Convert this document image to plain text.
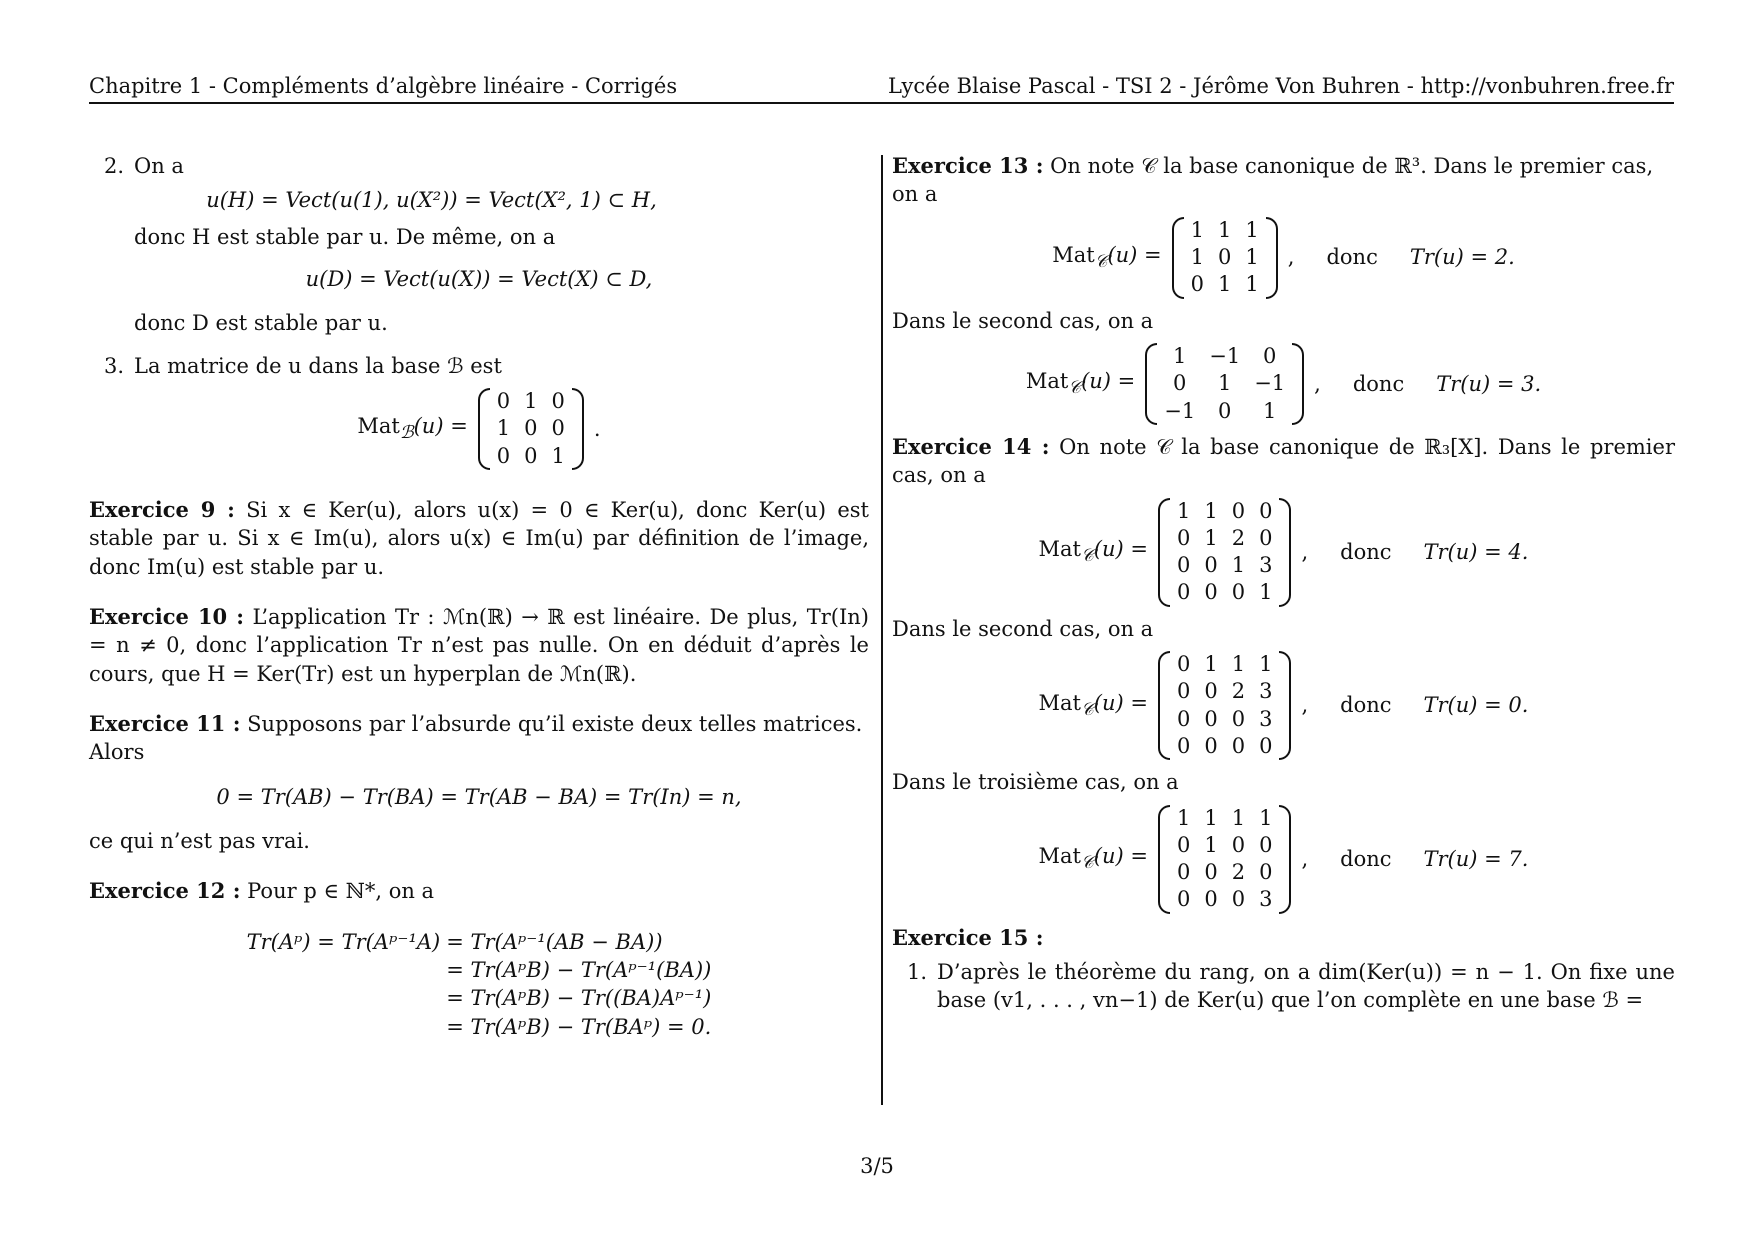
Chapitre 1 - Compléments d’algèbre linéaire - Corrigés	Lycée Blaise Pascal - TSI 2 - Jérôme Von Buhren - http://vonbuhren.free.fr
2. On a

u(H) = Vect(u(1), u(X²)) = Vect(X², 1) ⊂ H,

donc H est stable par u. De même, on a

u(D) = Vect(u(X)) = Vect(X) ⊂ D,

donc D est stable par u.

3. La matrice de u dans la base ℬ est

Mat$_ℬ$(u) =
0	1	0
1	0	0
0	0	1
.
Exercice 9 : Si x ∈ Ker(u), alors u(x) = 0 ∈ Ker(u), donc Ker(u) est stable par u. Si x ∈ Im(u), alors u(x) ∈ Im(u) par définition de l’image, donc Im(u) est stable par u.
Exercice 10 : L’application Tr : ℳn(ℝ) → ℝ est linéaire. De plus, Tr(In) = n ≠ 0, donc l’application Tr n’est pas nulle. On en déduit d’après le cours, que H = Ker(Tr) est un hyperplan de ℳn(ℝ).
Exercice 11 : Supposons par l’absurde qu’il existe deux telles matrices. Alors
0 = Tr(AB) − Tr(BA) = Tr(AB − BA) = Tr(In) = n,

ce qui n’est pas vrai.

Exercice 12 : Pour p ∈ ℕ*, on a
Tr(Aᵖ) = Tr(Aᵖ⁻¹A) = Tr(Aᵖ⁻¹(AB − BA))
= Tr(AᵖB) − Tr(Aᵖ⁻¹(BA))
= Tr(AᵖB) − Tr((BA)Aᵖ⁻¹)
= Tr(AᵖB) − Tr(BAᵖ) = 0.
Exercice 13 : On note 𝒞 la base canonique de ℝ³. Dans le premier cas, on a
Mat$_𝒞$(u) =
1	1	1
1	0	1
0	1	1
, donc Tr(u) = 2.

Dans le second cas, on a

Mat$_𝒞$(u) =
1	−1	0
0	1	−1
−1	0	1
, donc Tr(u) = 3.
Exercice 14 : On note 𝒞 la base canonique de ℝ₃[X]. Dans le premier cas, on a
Mat$_𝒞$(u) =
1	1	0	0
0	1	2	0
0	0	1	3
0	0	0	1
, donc Tr(u) = 4.

Dans le second cas, on a

Mat$_𝒞$(u) =
0	1	1	1
0	0	2	3
0	0	0	3
0	0	0	0
, donc Tr(u) = 0.

Dans le troisième cas, on a

Mat$_𝒞$(u) =
1	1	1	1
0	1	0	0
0	0	2	0
0	0	0	3
, donc Tr(u) = 7.
Exercice 15 :
1. D’après le théorème du rang, on a dim(Ker(u)) = n − 1. On fixe une base (v1, . . . , vn−1) de Ker(u) que l’on complète en une base ℬ =
3/5
